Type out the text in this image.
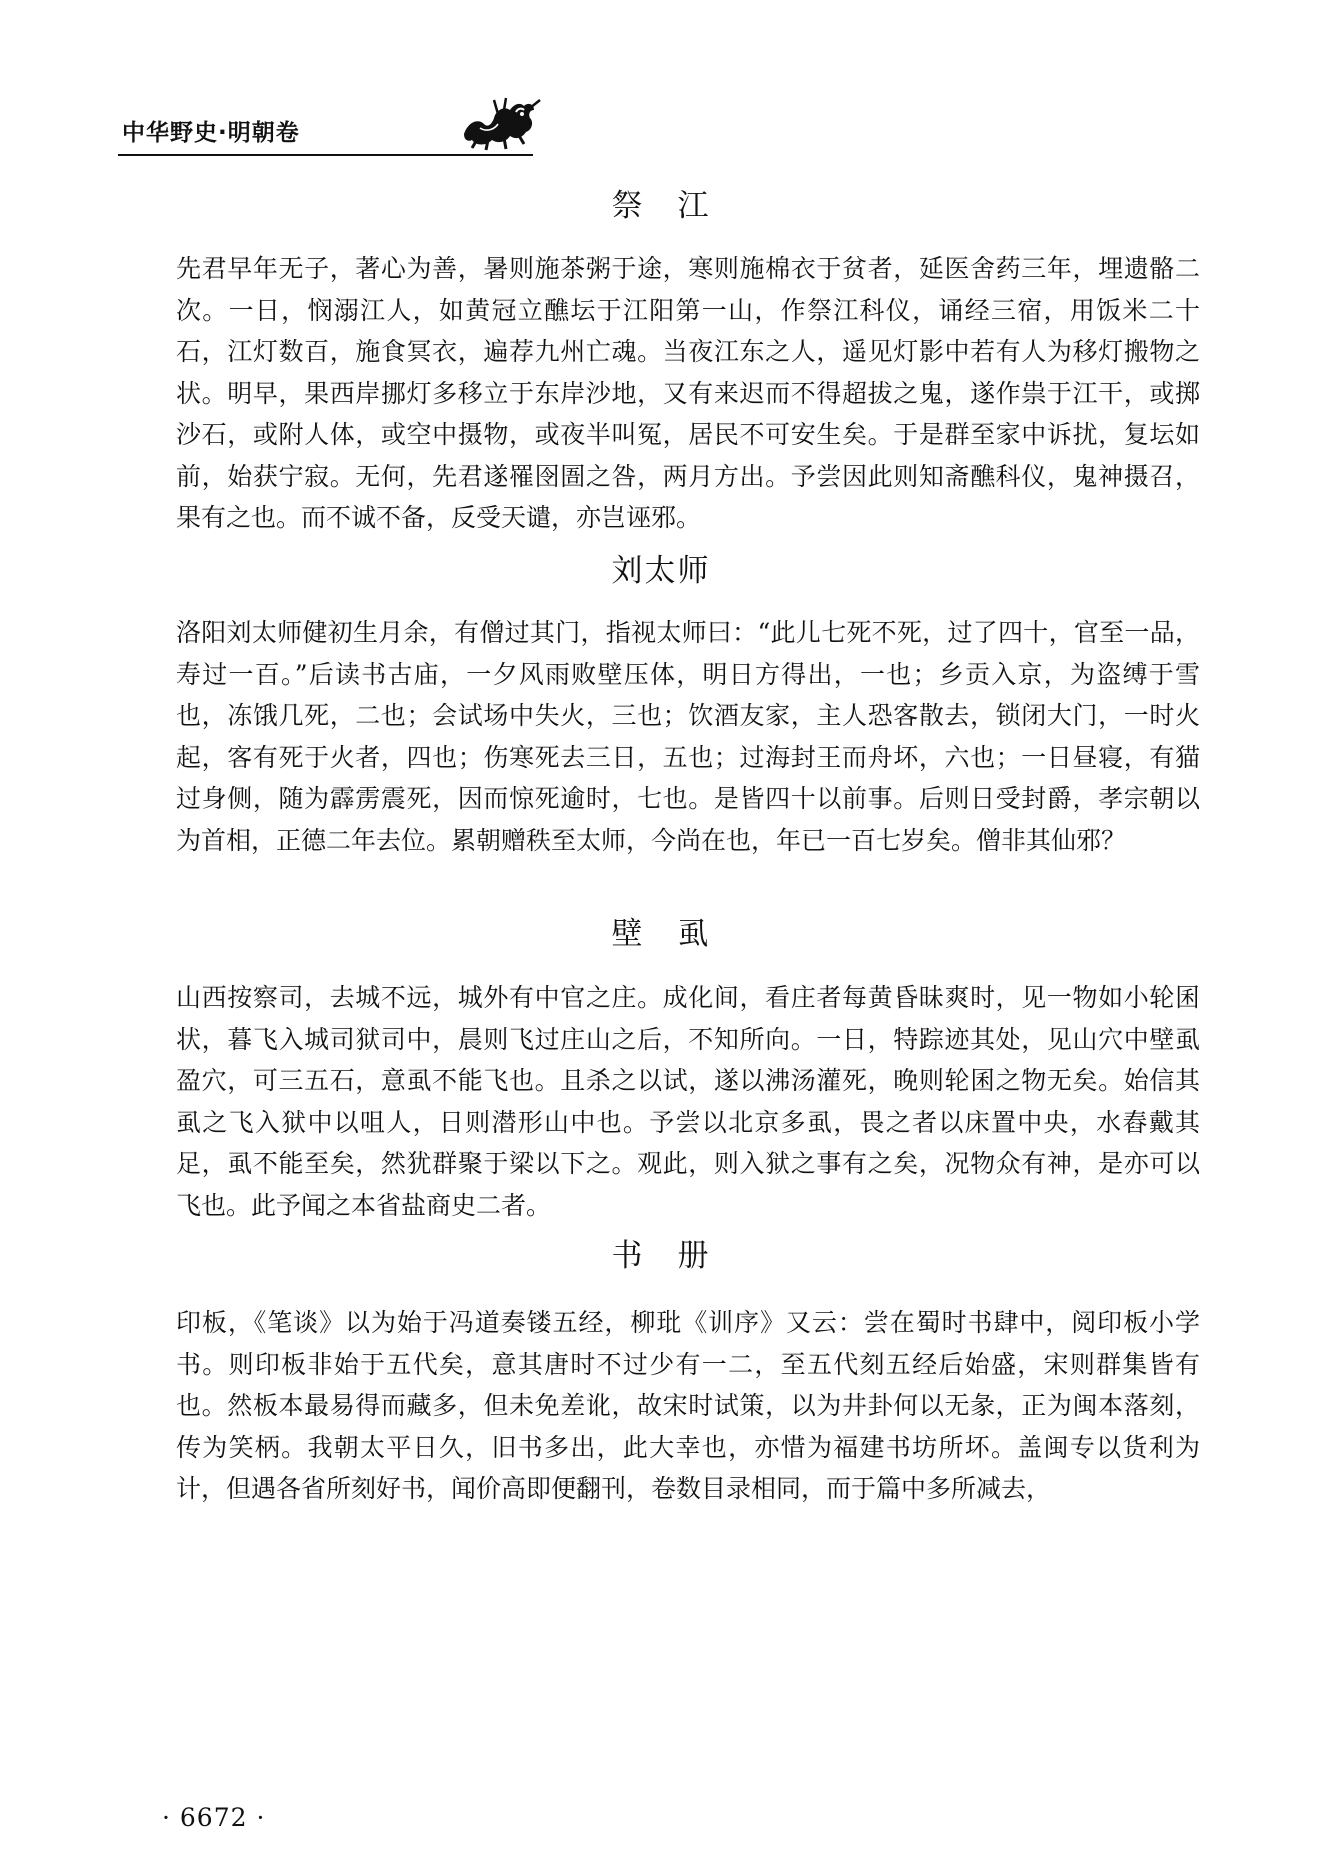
中华野史·明朝卷
祭　江

先君早年无子，著心为善，暑则施茶粥于途，寒则施棉衣于贫者，延医舍药三年，埋遗骼二次。一日，悯溺江人，如黄冠立醮坛于江阳第一山，作祭江科仪，诵经三宿，用饭米二十石，江灯数百，施食冥衣，遍荐九州亡魂。当夜江东之人，遥见灯影中若有人为移灯搬物之状。明早，果西岸挪灯多移立于东岸沙地，又有来迟而不得超拔之鬼，遂作祟于江干，或掷沙石，或附人体，或空中摄物，或夜半叫冤，居民不可安生矣。于是群至家中诉扰，复坛如前，始获宁寂。无何，先君遂罹囹圄之咎，两月方出。予尝因此则知斋醮科仪，鬼神摄召，果有之也。而不诚不备，反受天谴，亦岂诬邪。

刘太师

洛阳刘太师健初生月余，有僧过其门，指视太师曰：“此儿七死不死，过了四十，官至一品，寿过一百。”后读书古庙，一夕风雨败壁压体，明日方得出，一也；乡贡入京，为盗缚于雪也，冻饿几死，二也；会试场中失火，三也；饮酒友家，主人恐客散去，锁闭大门，一时火起，客有死于火者，四也；伤寒死去三日，五也；过海封王而舟坏，六也；一日昼寝，有猫过身侧，随为霹雳震死，因而惊死逾时，七也。是皆四十以前事。后则日受封爵，孝宗朝以为首相，正德二年去位。累朝赠秩至太师，今尚在也，年已一百七岁矣。僧非其仙邪？

壁　虱

山西按察司，去城不远，城外有中官之庄。成化间，看庄者每黄昏昧爽时，见一物如小轮囷状，暮飞入城司狱司中，晨则飞过庄山之后，不知所向。一日，特踪迹其处，见山穴中壁虱盈穴，可三五石，意虱不能飞也。且杀之以试，遂以沸汤灌死，晚则轮囷之物无矣。始信其虱之飞入狱中以咀人，日则潜形山中也。予尝以北京多虱，畏之者以床置中央，水舂戴其足，虱不能至矣，然犹群聚于梁以下之。观此，则入狱之事有之矣，况物众有神，是亦可以飞也。此予闻之本省盐商史二者。

书　册

印板，《笔谈》以为始于冯道奏镂五经，柳玭《训序》又云：尝在蜀时书肆中，阅印板小学书。则印板非始于五代矣，意其唐时不过少有一二，至五代刻五经后始盛，宋则群集皆有也。然板本最易得而藏多，但未免差讹，故宋时试策，以为井卦何以无彖，正为闽本落刻，传为笑柄。我朝太平日久，旧书多出，此大幸也，亦惜为福建书坊所坏。盖闽专以货利为计，但遇各省所刻好书，闻价高即便翻刊，卷数目录相同，而于篇中多所减去，

· 6672 ·
